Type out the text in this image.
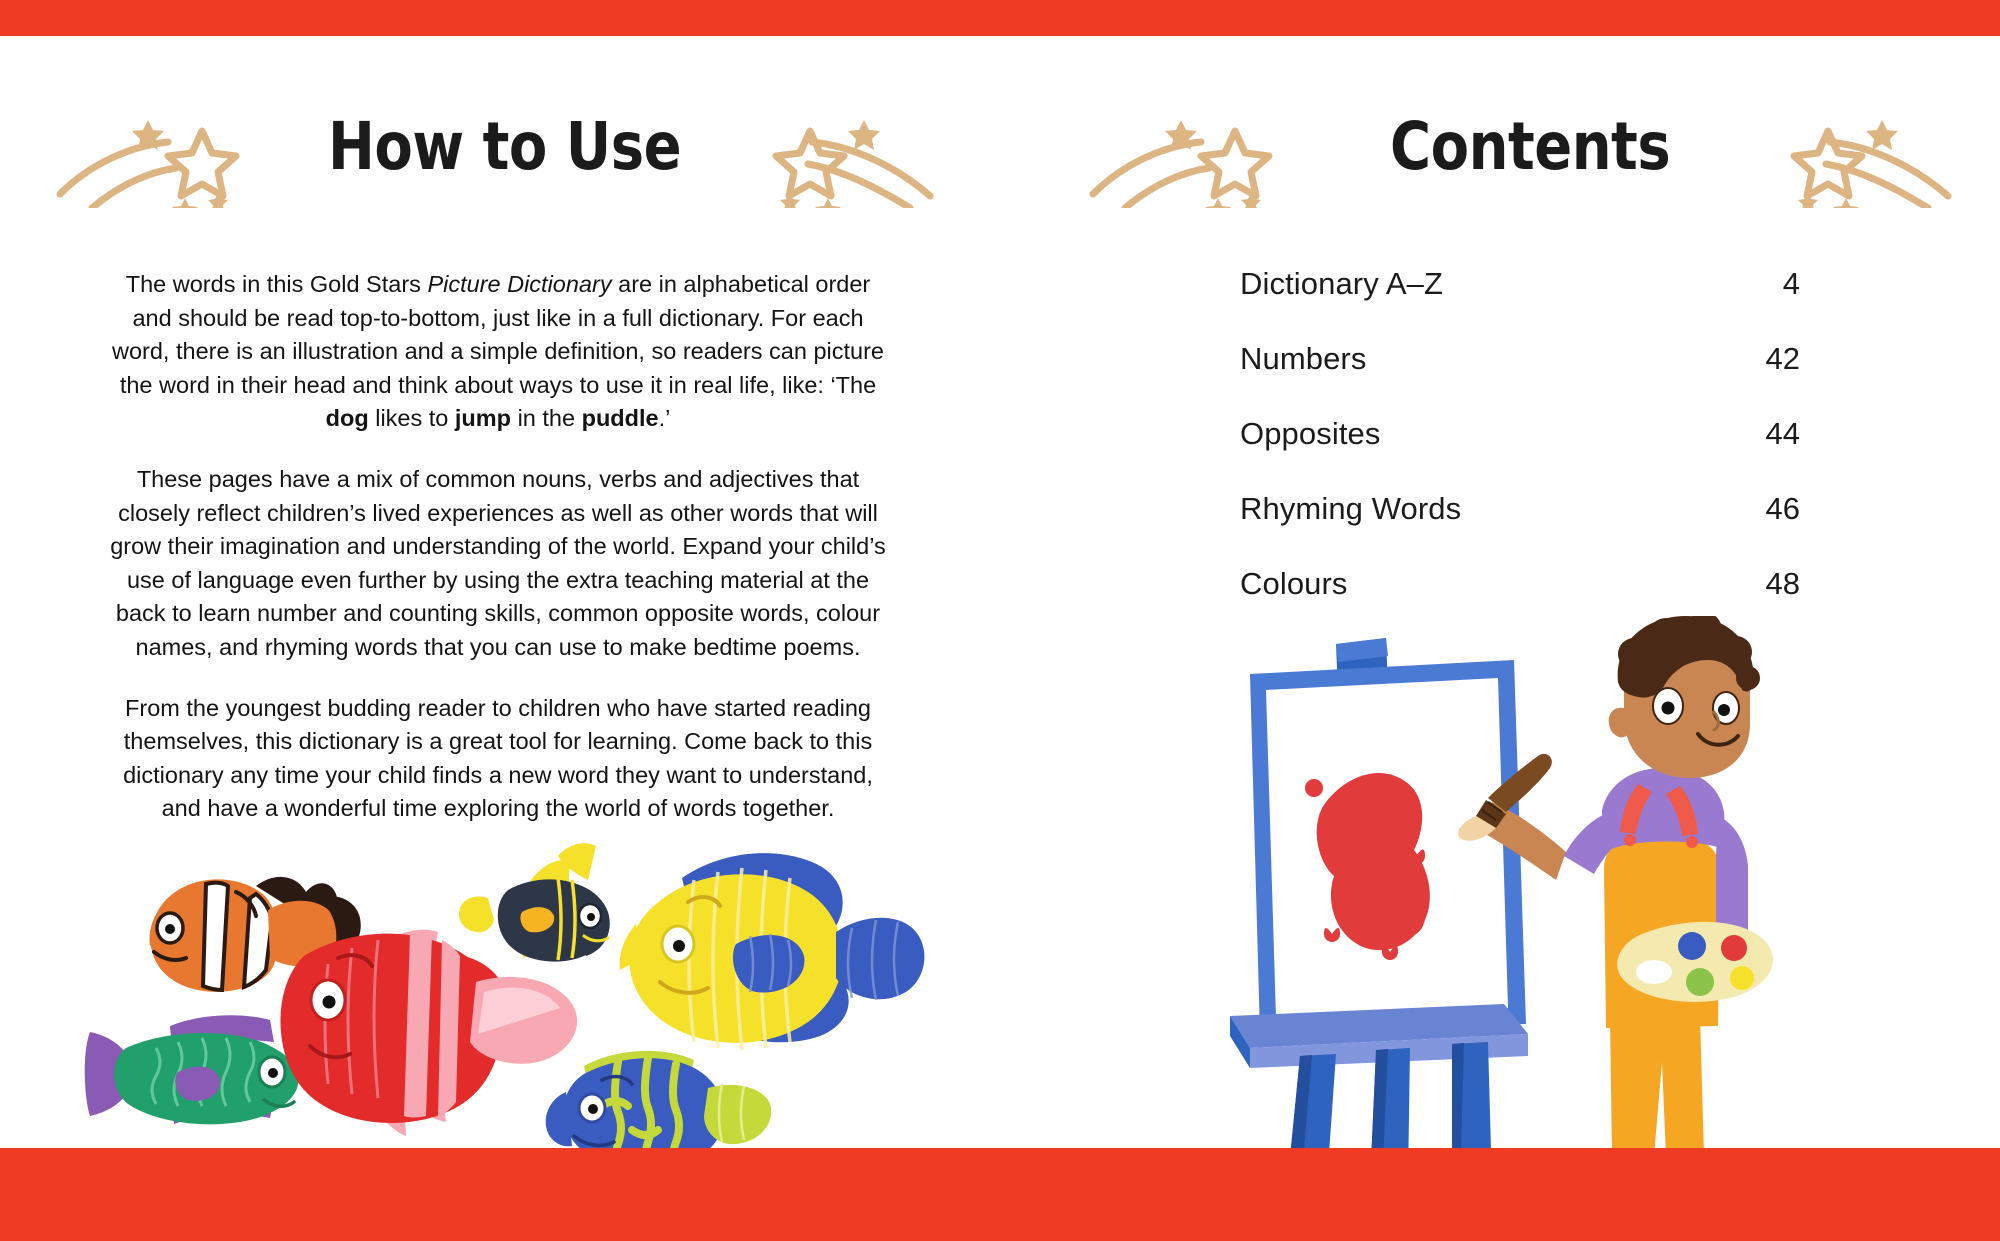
How to Use	Contents

The words in this Gold Stars Picture Dictionary are in alphabetical order and should be read top-to-bottom, just like in a full dictionary. For each word, there is an illustration and a simple definition, so readers can picture the word in their head and think about ways to use it in real life, like: ‘The dog likes to jump in the puddle.’

These pages have a mix of common nouns, verbs and adjectives that closely reflect children’s lived experiences as well as other words that will grow their imagination and understanding of the world. Expand your child’s use of language even further by using the extra teaching material at the back to learn number and counting skills, common opposite words, colour names, and rhyming words that you can use to make bedtime poems.

From the youngest budding reader to children who have started reading themselves, this dictionary is a great tool for learning. Come back to this dictionary any time your child finds a new word they want to understand, and have a wonderful time exploring the world of words together.

Dictionary A–Z	4
Numbers	42
Opposites	44
Rhyming Words	46
Colours	48
